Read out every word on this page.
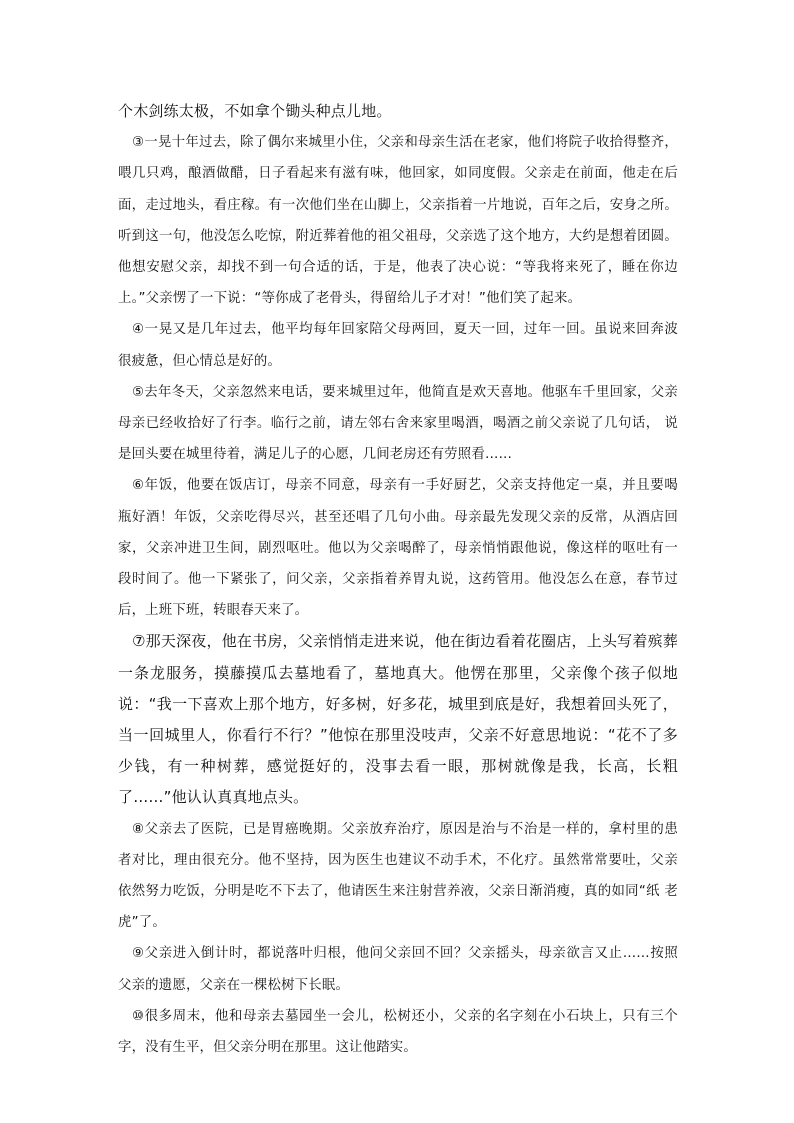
个木剑练太极，不如拿个锄头种点儿地。

③一晃十年过去，除了偶尔来城里小住，父亲和母亲生活在老家，他们将院子收拾得整齐， 喂几只鸡，酿酒做醋，日子看起来有滋有味，他回家，如同度假。父亲走在前面，他走在后面，走过地头，看庄稼。有一次他们坐在山脚上，父亲指着一片地说，百年之后，安身之所。 听到这一句，他没怎么吃惊，附近葬着他的祖父祖母，父亲选了这个地方，大约是想着团圆。他想安慰父亲，却找不到一句合适的话，于是，他表了决心说：“等我将来死了，睡在你边上。”父亲愣了一下说：“等你成了老骨头，得留给儿子才对！”他们笑了起来。

④一晃又是几年过去，他平均每年回家陪父母两回，夏天一回，过年一回。虽说来回奔波 很疲惫，但心情总是好的。

⑤去年冬天，父亲忽然来电话，要来城里过年，他简直是欢天喜地。他驱车千里回家，父亲母亲已经收拾好了行李。临行之前，请左邻右舍来家里喝酒，喝酒之前父亲说了几句话， 说是回头要在城里待着，满足儿子的心愿，几间老房还有劳照看……

⑥年饭，他要在饭店订，母亲不同意，母亲有一手好厨艺，父亲支持他定一桌，并且要喝 瓶好酒！年饭，父亲吃得尽兴，甚至还唱了几句小曲。母亲最先发现父亲的反常，从酒店回 家，父亲冲进卫生间，剧烈呕吐。他以为父亲喝醉了，母亲悄悄跟他说，像这样的呕吐有一 段时间了。他一下紧张了，问父亲，父亲指着养胃丸说，这药管用。他没怎么在意，春节过 后，上班下班，转眼春天来了。

⑦那天深夜，他在书房，父亲悄悄走进来说，他在街边看着花圈店，上头写着殡葬一条龙服务，摸藤摸瓜去墓地看了，墓地真大。他愣在那里，父亲像个孩子似地说：“我一下喜欢上那个地方，好多树，好多花，城里到底是好，我想着回头死了，当一回城里人，你看行不行？”他惊在那里没吱声，父亲不好意思地说：“花不了多少钱，有一种树葬，感觉挺好的，没事去看一眼，那树就像是我，长高，长粗了……”他认认真真地点头。

⑧父亲去了医院，已是胃癌晚期。父亲放弃治疗，原因是治与不治是一样的，拿村里的患 者对比，理由很充分。他不坚持，因为医生也建议不动手术，不化疗。虽然常常要吐，父亲 依然努力吃饭，分明是吃不下去了，他请医生来注射营养液，父亲日渐消瘦，真的如同“纸 老虎”了。

⑨父亲进入倒计时，都说落叶归根，他问父亲回不回？父亲摇头，母亲欲言又止……按照 父亲的遗愿，父亲在一棵松树下长眠。

⑩很多周末，他和母亲去墓园坐一会儿，松树还小，父亲的名字刻在小石块上，只有三个 字，没有生平，但父亲分明在那里。这让他踏实。
